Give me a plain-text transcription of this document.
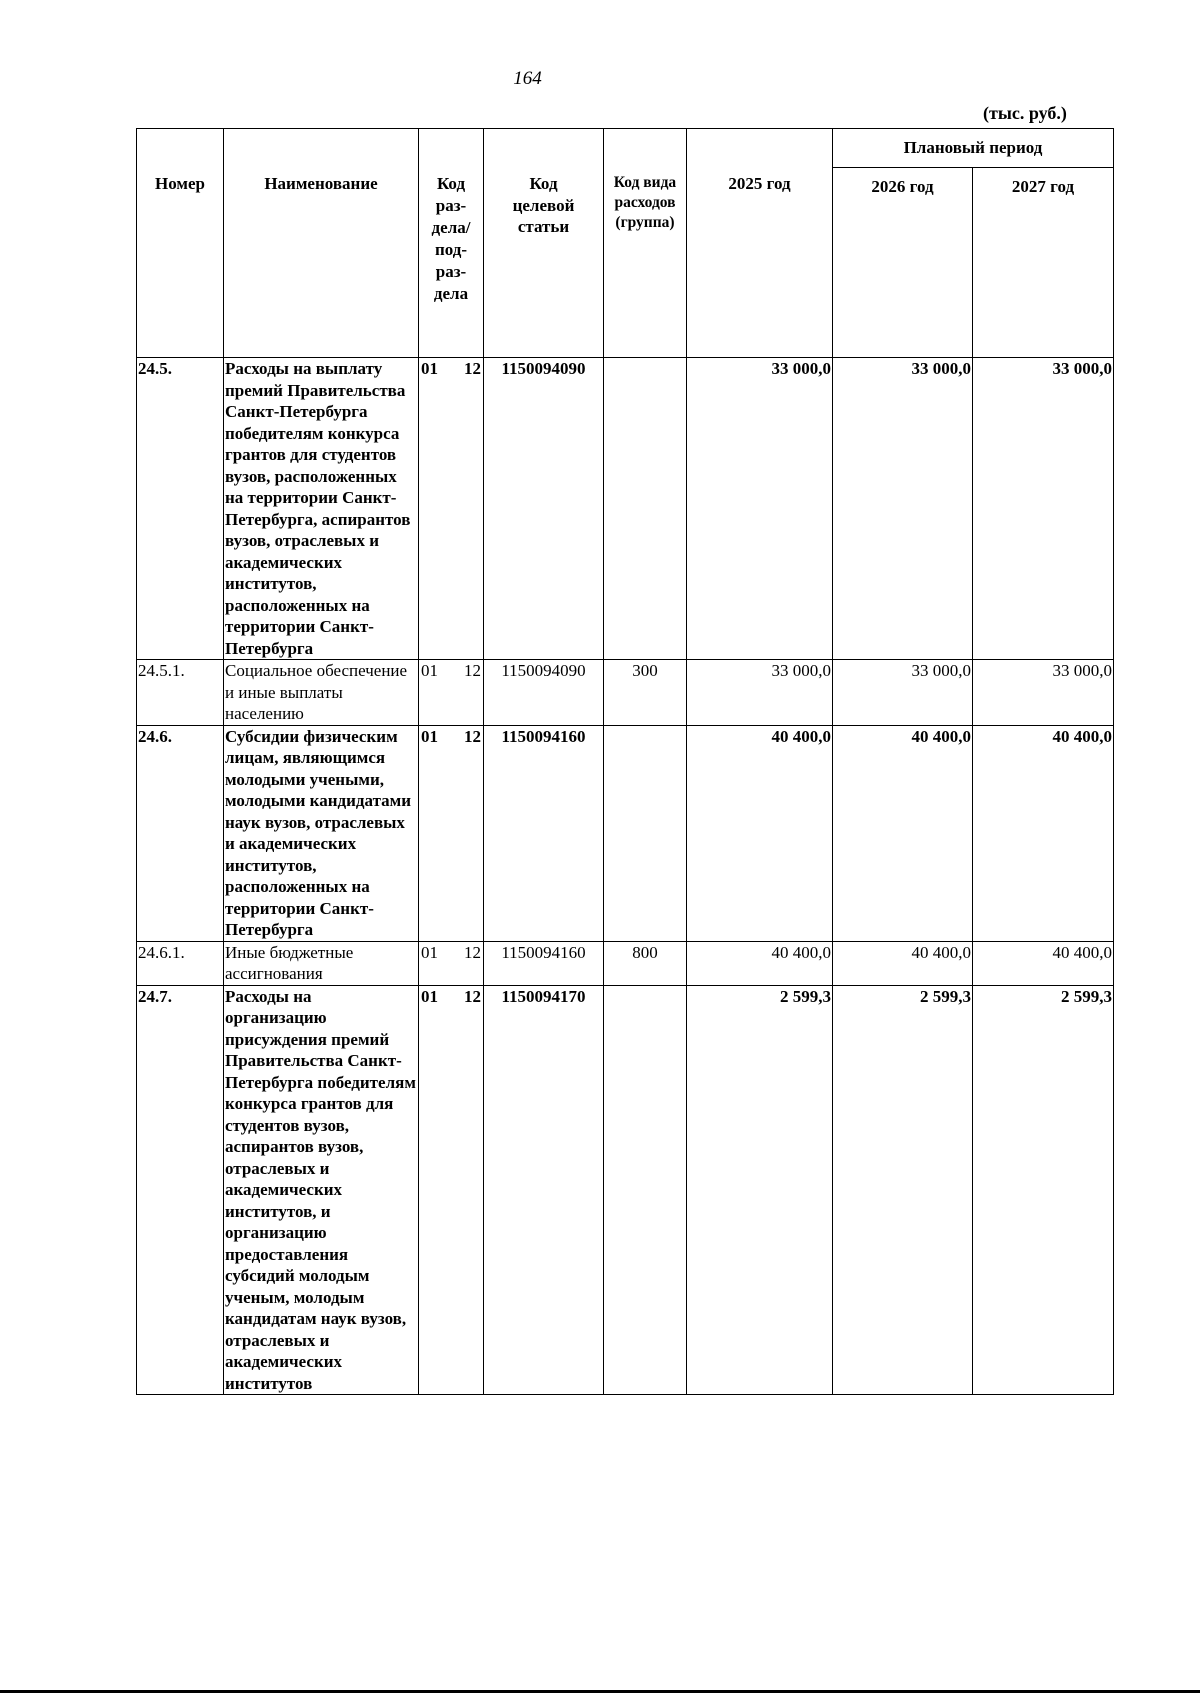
164
(тыс. руб.)
Номер	Наименование	Код раз-дела/ под-раз-дела	Код целевой статьи	Код вида расходов (группа)	2025 год	Плановый период	
						2026 год	2027 год
24.5.	Расходы на выплату премий Правительства Санкт-Петербурга победителям конкурса грантов для студентов вузов, расположенных на территории Санкт-Петербурга, аспирантов вузов, отраслевых и академических институтов, расположенных на территории Санкт-Петербурга	01 12	1150094090		33 000,0	33 000,0	33 000,0
24.5.1.	Социальное обеспечение и иные выплаты населению	01 12	1150094090	300	33 000,0	33 000,0	33 000,0
24.6.	Субсидии физическим лицам, являющимся молодыми учеными, молодыми кандидатами наук вузов, отраслевых и академических институтов, расположенных на территории Санкт-Петербурга	01 12	1150094160		40 400,0	40 400,0	40 400,0
24.6.1.	Иные бюджетные ассигнования	01 12	1150094160	800	40 400,0	40 400,0	40 400,0
24.7.	Расходы на организацию присуждения премий Правительства Санкт-Петербурга победителям конкурса грантов для студентов вузов, аспирантов вузов, отраслевых и академических институтов, и организацию предоставления субсидий молодым ученым, молодым кандидатам наук вузов, отраслевых и академических институтов	01 12	1150094170		2 599,3	2 599,3	2 599,3
